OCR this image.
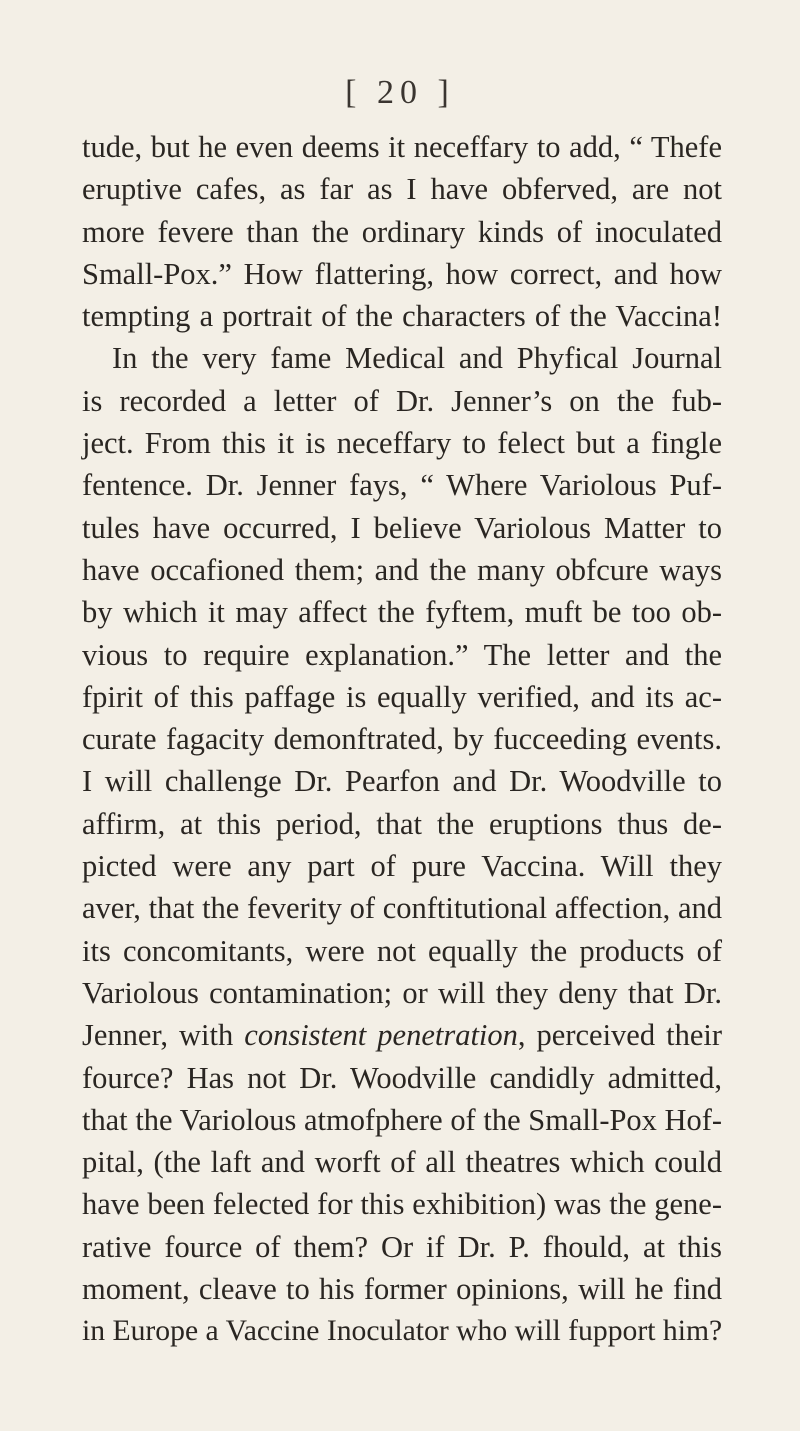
[ 20 ]
tude, but he even deems it neceffary to add, “ Thefe
eruptive cafes, as far as I have obferved, are not
more fevere than the ordinary kinds of inoculated
Small-Pox.” How flattering, how correct, and how
tempting a portrait of the characters of the Vaccina!
In the very fame Medical and Phyfical Journal
is recorded a letter of Dr. Jenner’s on the fub-
ject. From this it is neceffary to felect but a fingle
fentence. Dr. Jenner fays, “ Where Variolous Puf-
tules have occurred, I believe Variolous Matter to
have occafioned them; and the many obfcure ways
by which it may affect the fyftem, muft be too ob-
vious to require explanation.” The letter and the
fpirit of this paffage is equally verified, and its ac-
curate fagacity demonftrated, by fucceeding events.
I will challenge Dr. Pearfon and Dr. Woodville to
affirm, at this period, that the eruptions thus de-
picted were any part of pure Vaccina. Will they
aver, that the feverity of conftitutional affection, and
its concomitants, were not equally the products of
Variolous contamination; or will they deny that Dr.
Jenner, with consistent penetration, perceived their
fource? Has not Dr. Woodville candidly admitted,
that the Variolous atmofphere of the Small-Pox Hof-
pital, (the laft and worft of all theatres which could
have been felected for this exhibition) was the gene-
rative fource of them? Or if Dr. P. fhould, at this
moment, cleave to his former opinions, will he find
in Europe a Vaccine Inoculator who will fupport him?
